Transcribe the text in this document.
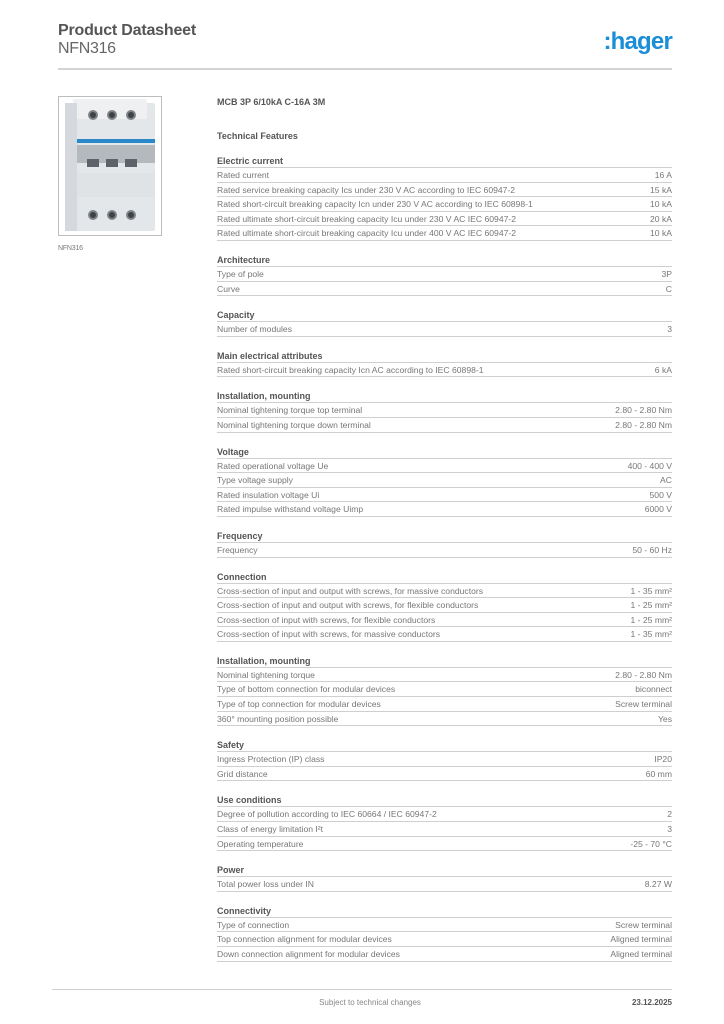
Product Datasheet
NFN316	:hager
NFN316
MCB 3P 6/10kA C-16A 3M
Technical Features
Electric current
Rated current	16 A
Rated service breaking capacity Ics under 230 V AC according to IEC 60947-2	15 kA
Rated short-circuit breaking capacity Icn under 230 V AC according to IEC 60898-1	10 kA
Rated ultimate short-circuit breaking capacity Icu under 230 V AC IEC 60947-2	20 kA
Rated ultimate short-circuit breaking capacity Icu under 400 V AC IEC 60947-2	10 kA
Architecture
Type of pole	3P
Curve	C
Capacity
Number of modules	3
Main electrical attributes
Rated short-circuit breaking capacity Icn AC according to IEC 60898-1	6 kA
Installation, mounting
Nominal tightening torque top terminal	2.80 - 2.80 Nm
Nominal tightening torque down terminal	2.80 - 2.80 Nm
Voltage
Rated operational voltage Ue	400 - 400 V
Type voltage supply	AC
Rated insulation voltage Ui	500 V
Rated impulse withstand voltage Uimp	6000 V
Frequency
Frequency	50 - 60 Hz
Connection
Cross-section of input and output with screws, for massive conductors	1 - 35 mm²
Cross-section of input and output with screws, for flexible conductors	1 - 25 mm²
Cross-section of input with screws, for flexible conductors	1 - 25 mm²
Cross-section of input with screws, for massive conductors	1 - 35 mm²
Installation, mounting
Nominal tightening torque	2.80 - 2.80 Nm
Type of bottom connection for modular devices	biconnect
Type of top connection for modular devices	Screw terminal
360° mounting position possible	Yes
Safety
Ingress Protection (IP) class	IP20
Grid distance	60 mm
Use conditions
Degree of pollution according to IEC 60664 / IEC 60947-2	2
Class of energy limitation I²t	3
Operating temperature	-25 - 70 °C
Power
Total power loss under IN	8.27 W
Connectivity
Type of connection	Screw terminal
Top connection alignment for modular devices	Aligned terminal
Down connection alignment for modular devices	Aligned terminal
Subject to technical changes	23.12.2025
